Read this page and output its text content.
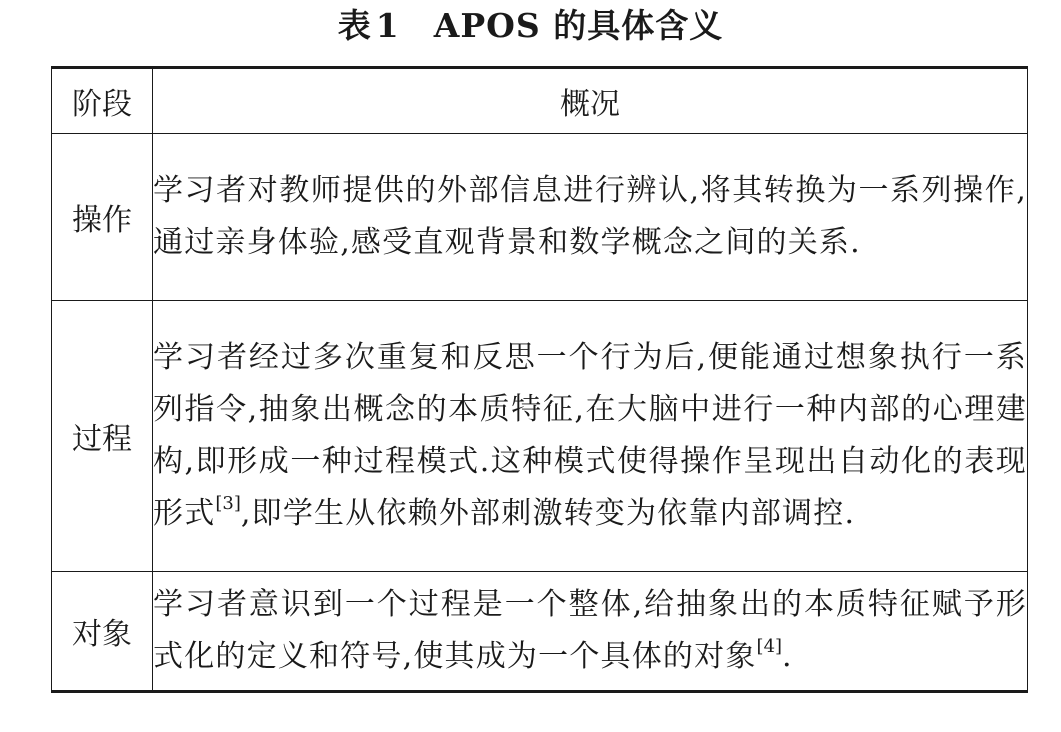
表 1 APOS 的具体含义
阶段	概况
操作	学习者对教师提供的外部信息进行辨认,将其转换为一系列操作,通过亲身体验,感受直观背景和数学概念之间的关系.
过程	学习者经过多次重复和反思一个行为后,便能通过想象执行一系列指令,抽象出概念的本质特征,在大脑中进行一种内部的心理建构,即形成一种过程模式.这种模式使得操作呈现出自动化的表现形式[3],即学生从依赖外部刺激转变为依靠内部调控.
对象	学习者意识到一个过程是一个整体,给抽象出的本质特征赋予形式化的定义和符号,使其成为一个具体的对象[4].
